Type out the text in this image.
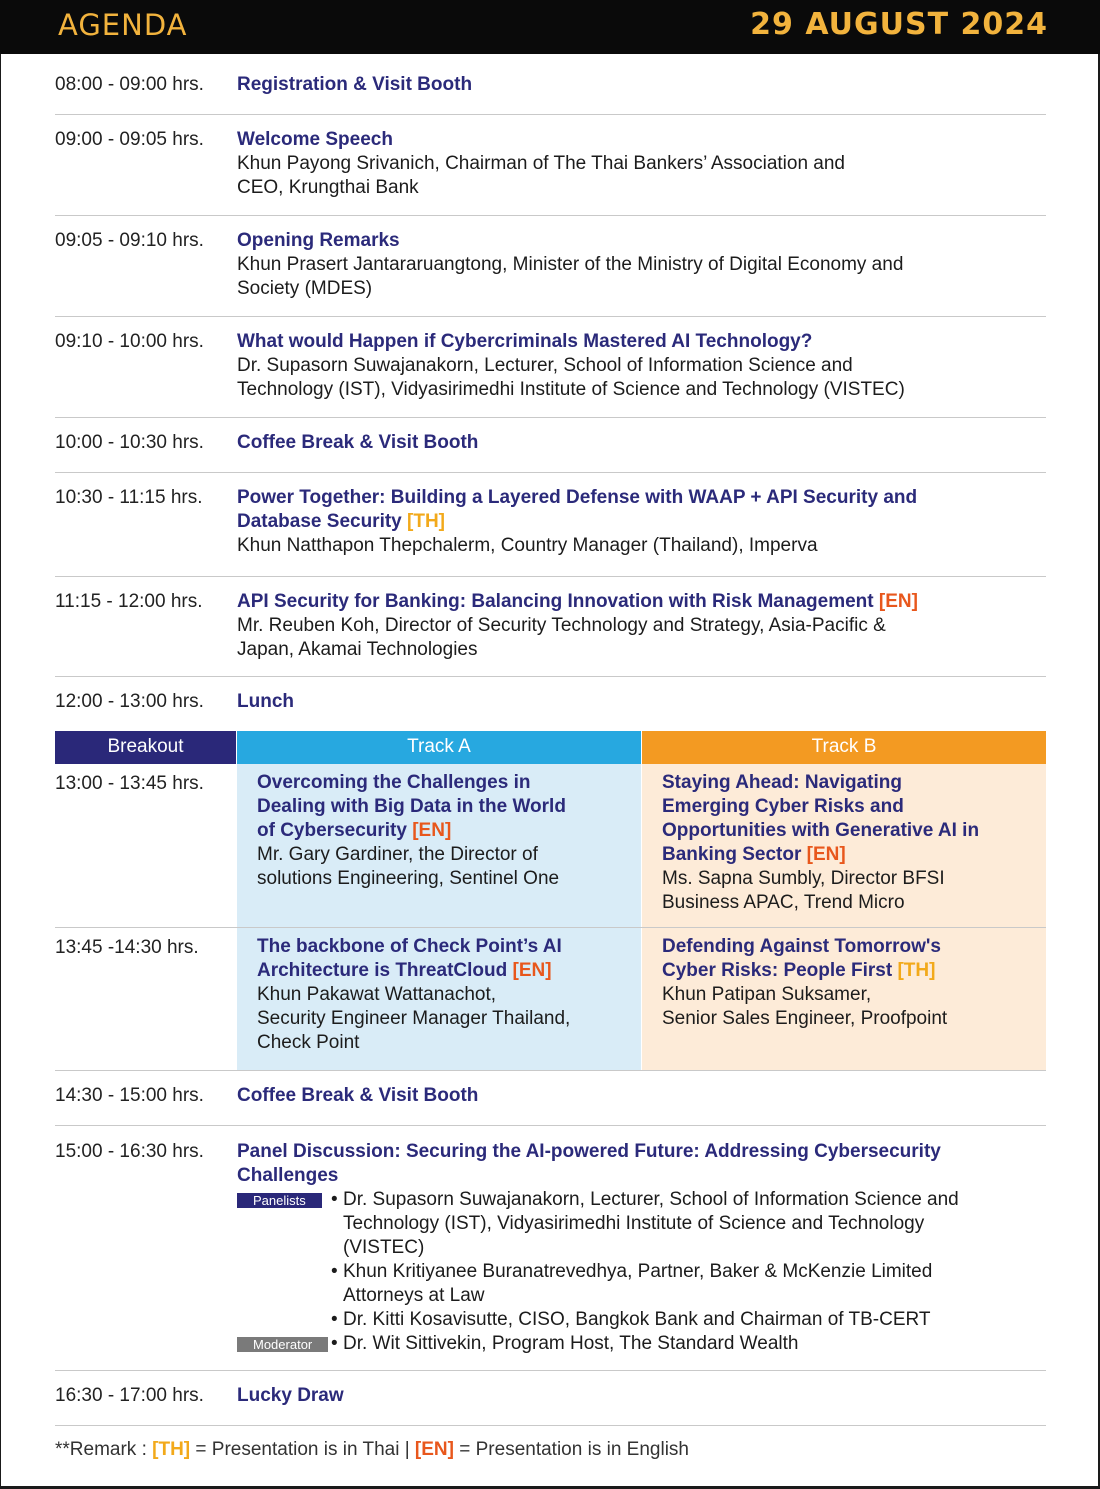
AGENDA	29 AUGUST 2024
08:00 - 09:00 hrs. Registration & Visit Booth
09:00 - 09:05 hrs. Welcome Speech
Khun Payong Srivanich, Chairman of The Thai Bankers’ Association and
CEO, Krungthai Bank
09:05 - 09:10 hrs. Opening Remarks
Khun Prasert Jantararuangtong, Minister of the Ministry of Digital Economy and
Society (MDES)
09:10 - 10:00 hrs. What would Happen if Cybercriminals Mastered AI Technology?
Dr. Supasorn Suwajanakorn, Lecturer, School of Information Science and
Technology (IST), Vidyasirimedhi Institute of Science and Technology (VISTEC)
10:00 - 10:30 hrs. Coffee Break & Visit Booth
10:30 - 11:15 hrs. Power Together: Building a Layered Defense with WAAP + API Security and
Database Security [TH]
Khun Natthapon Thepchalerm, Country Manager (Thailand), Imperva
11:15 - 12:00 hrs. API Security for Banking: Balancing Innovation with Risk Management [EN]
Mr. Reuben Koh, Director of Security Technology and Strategy, Asia-Pacific &
Japan, Akamai Technologies
12:00 - 13:00 hrs. Lunch
Breakout	Track A	Track B
13:00 - 13:45 hrs.	Overcoming the Challenges in
Dealing with Big Data in the World
of Cybersecurity [EN]
Mr. Gary Gardiner, the Director of
solutions Engineering, Sentinel One
Staying Ahead: Navigating
Emerging Cyber Risks and
Opportunities with Generative AI in
Banking Sector [EN]
Ms. Sapna Sumbly, Director BFSI
Business APAC, Trend Micro
13:45 -14:30 hrs.	The backbone of Check Point’s AI
Architecture is ThreatCloud [EN]
Khun Pakawat Wattanachot,
Security Engineer Manager Thailand,
Check Point
Defending Against Tomorrow's
Cyber Risks: People First [TH]
Khun Patipan Suksamer,
Senior Sales Engineer, Proofpoint
14:30 - 15:00 hrs. Coffee Break & Visit Booth
15:00 - 16:30 hrs. Panel Discussion: Securing the AI-powered Future: Addressing Cybersecurity
Challenges
Panelists
•	Dr. Supasorn Suwajanakorn, Lecturer, School of Information Science and
Technology (IST), Vidyasirimedhi Institute of Science and Technology
(VISTEC)
• Khun Kritiyanee Buranatrevedhya, Partner, Baker & McKenzie Limited
Attorneys at Law
• Dr. Kitti Kosavisutte, CISO, Bangkok Bank and Chairman of TB-CERT
• Dr. Wit Sittivekin, Program Host, The Standard Wealth
Moderator
16:30 - 17:00 hrs. Lucky Draw
**Remark : [TH] = Presentation is in Thai | [EN] = Presentation is in English
